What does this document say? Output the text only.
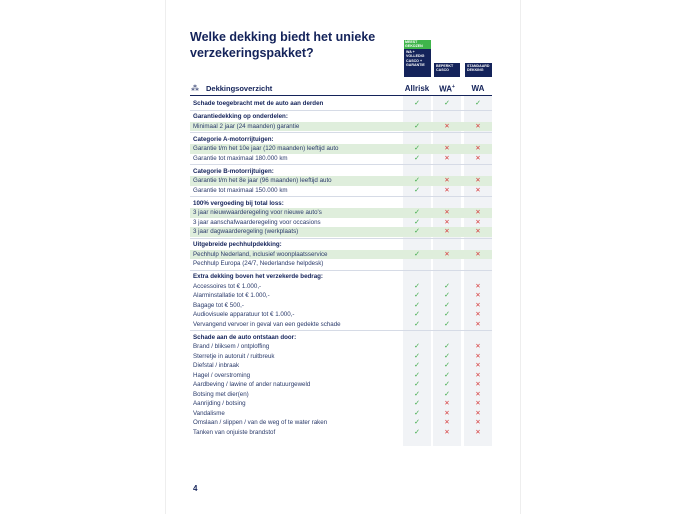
Welke dekking biedt het unieke verzekeringspakket?
MEEST GEKOZEN
WA + VOLLEDIG CASCO + GARANTIE	BEPERKT CASCO
STANDAARD DEKKING
Allrisk	WA+	WA
⁂ Dekkingsoverzicht
Schade toegebracht met de auto aan derden	✓	✓	✓
Garantiedekking op onderdelen:
Minimaal 2 jaar (24 maanden) garantie	✓	✕	✕
Categorie A-motorrijtuigen:
Garantie t/m het 10e jaar (120 maanden) leeftijd auto	✓	✕	✕
Garantie tot maximaal 180.000 km	✓	✕	✕
Categorie B-motorrijtuigen:
Garantie t/m het 8e jaar (96 maanden) leeftijd auto	✓	✕	✕
Garantie tot maximaal 150.000 km	✓	✕	✕
100% vergoeding bij total loss:
3 jaar nieuwwaarderegeling voor nieuwe auto's	✓	✕	✕
3 jaar aanschafwaarderegeling voor occasions	✓	✕	✕
3 jaar dagwaarderegeling (werkplaats)	✓	✕	✕
Uitgebreide pechhulpdekking:
Pechhulp Nederland, inclusief woonplaatsservice	✓	✕	✕
Pechhulp Europa (24/7, Nederlandse helpdesk)
Extra dekking boven het verzekerde bedrag:
Accessoires tot € 1.000,-	✓	✓	✕
Alarminstallatie tot € 1.000,-	✓	✓	✕
Bagage tot € 500,-	✓	✓	✕
Audiovisuele apparatuur tot € 1.000,-	✓	✓	✕
Vervangend vervoer in geval van een gedekte schade	✓	✓	✕
Schade aan de auto ontstaan door:
Brand / bliksem / ontploffing	✓	✓	✕
Sterretje in autoruit / ruitbreuk	✓	✓	✕
Diefstal / inbraak	✓	✓	✕
Hagel / overstroming	✓	✓	✕
Aardbeving / lawine of ander natuurgeweld	✓	✓	✕
Botsing met dier(en)	✓	✓	✕
Aanrijding / botsing	✓	✕	✕
Vandalisme	✓	✕	✕
Omslaan / slippen / van de weg of te water raken	✓	✕	✕
Tanken van onjuiste brandstof	✓	✕	✕
4
